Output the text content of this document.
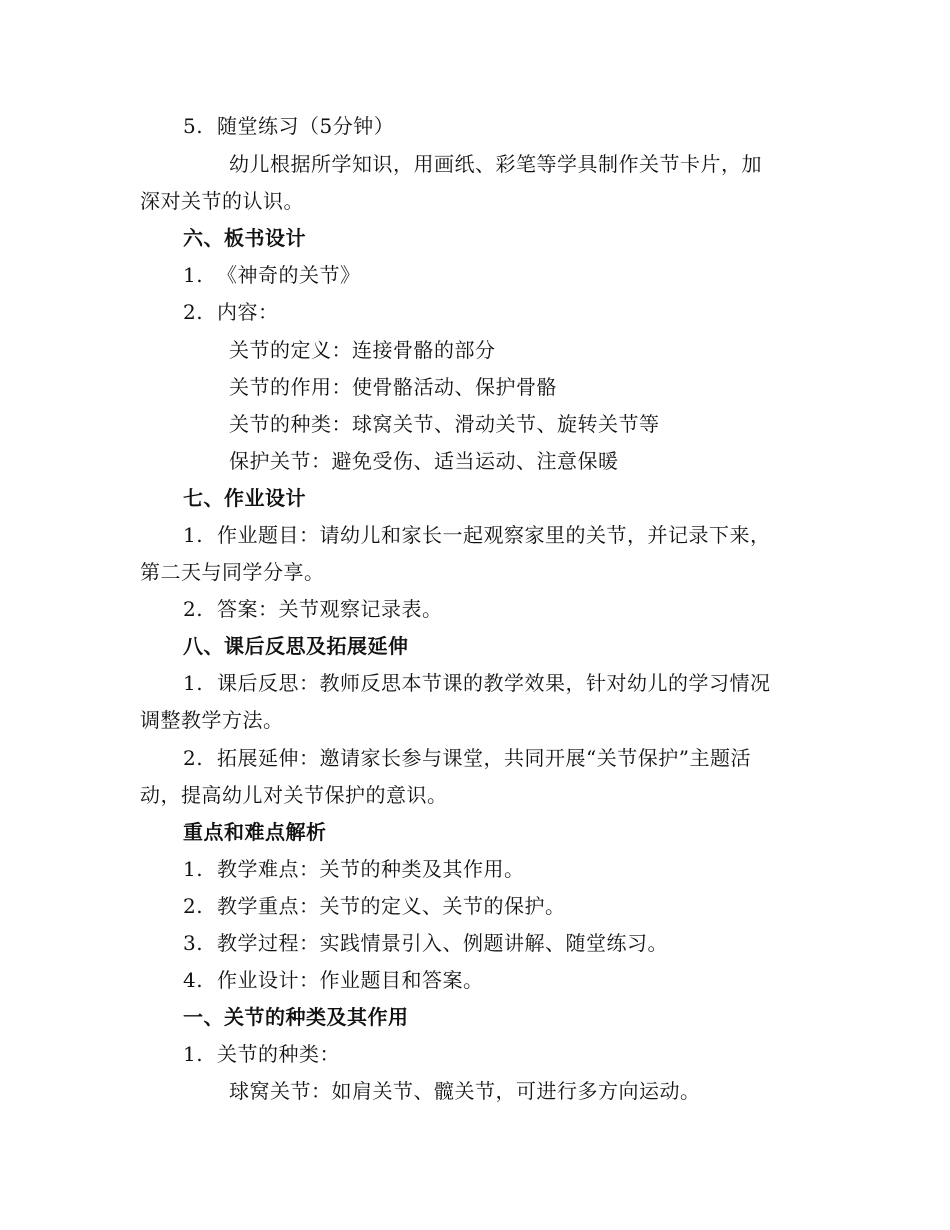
5. 随堂练习（5分钟）
幼儿根据所学知识，用画纸、彩笔等学具制作关节卡片，加
深对关节的认识。
六、板书设计
1. 《神奇的关节》
2. 内容：
关节的定义：连接骨骼的部分
关节的作用：使骨骼活动、保护骨骼
关节的种类：球窝关节、滑动关节、旋转关节等
保护关节：避免受伤、适当运动、注意保暖
七、作业设计
1. 作业题目：请幼儿和家长一起观察家里的关节，并记录下来，
第二天与同学分享。
2. 答案：关节观察记录表。
八、课后反思及拓展延伸
1. 课后反思：教师反思本节课的教学效果，针对幼儿的学习情况
调整教学方法。
2. 拓展延伸：邀请家长参与课堂，共同开展“关节保护”主题活
动，提高幼儿对关节保护的意识。
重点和难点解析
1. 教学难点：关节的种类及其作用。
2. 教学重点：关节的定义、关节的保护。
3. 教学过程：实践情景引入、例题讲解、随堂练习。
4. 作业设计：作业题目和答案。
一、关节的种类及其作用
1. 关节的种类：
球窝关节：如肩关节、髋关节，可进行多方向运动。
